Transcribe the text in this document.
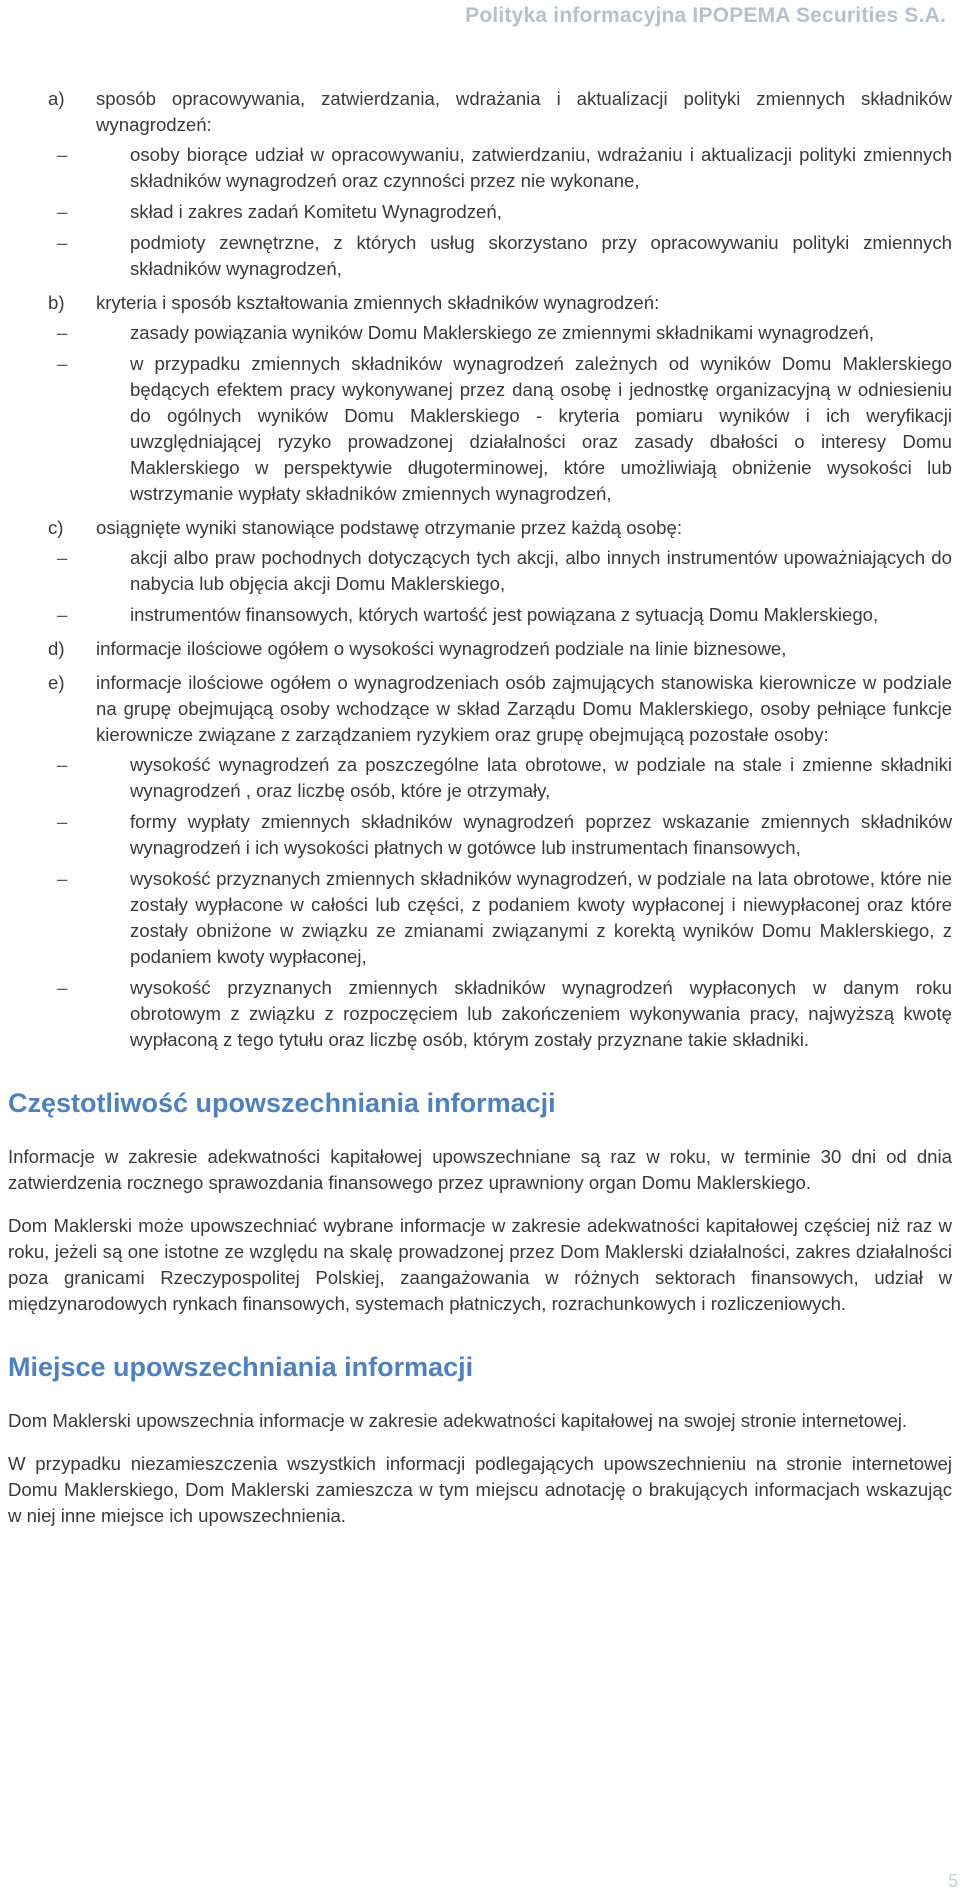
Polityka informacyjna IPOPEMA Securities S.A.
a) sposób opracowywania, zatwierdzania, wdrażania i aktualizacji polityki zmiennych składników wynagrodzeń:
–	osoby biorące udział w opracowywaniu, zatwierdzaniu, wdrażaniu i aktualizacji polityki zmiennych składników wynagrodzeń oraz czynności przez nie wykonane,
–	skład i zakres zadań Komitetu Wynagrodzeń,
–	podmioty zewnętrzne, z których usług skorzystano przy opracowywaniu polityki zmiennych składników wynagrodzeń,
b) kryteria i sposób kształtowania zmiennych składników wynagrodzeń:
–	zasady powiązania wyników Domu Maklerskiego ze zmiennymi składnikami wynagrodzeń,
–	w przypadku zmiennych składników wynagrodzeń zależnych od wyników Domu Maklerskiego będących efektem pracy wykonywanej przez daną osobę i jednostkę organizacyjną w odniesieniu do ogólnych wyników Domu Maklerskiego - kryteria pomiaru wyników i ich weryfikacji uwzględniającej ryzyko prowadzonej działalności oraz zasady dbałości o interesy Domu Maklerskiego w perspektywie długoterminowej, które umożliwiają obniżenie wysokości lub wstrzymanie wypłaty składników zmiennych wynagrodzeń,
c) osiągnięte wyniki stanowiące podstawę otrzymanie przez każdą osobę:
–	akcji albo praw pochodnych dotyczących tych akcji, albo innych instrumentów upoważniających do nabycia lub objęcia akcji Domu Maklerskiego,
–	instrumentów finansowych, których wartość jest powiązana z sytuacją Domu Maklerskiego,
d) informacje ilościowe ogółem o wysokości wynagrodzeń podziale na linie biznesowe,
e) informacje ilościowe ogółem o wynagrodzeniach osób zajmujących stanowiska kierownicze w podziale na grupę obejmującą osoby wchodzące w skład Zarządu Domu Maklerskiego, osoby pełniące funkcje kierownicze związane z zarządzaniem ryzykiem oraz grupę obejmującą pozostałe osoby:
–	wysokość wynagrodzeń za poszczególne lata obrotowe, w podziale na stale i zmienne składniki wynagrodzeń , oraz liczbę osób, które je otrzymały,
–	formy wypłaty zmiennych składników wynagrodzeń poprzez wskazanie zmiennych składników wynagrodzeń i ich wysokości płatnych w gotówce lub instrumentach finansowych,
–	wysokość przyznanych zmiennych składników wynagrodzeń, w podziale na lata obrotowe, które nie zostały wypłacone w całości lub części, z podaniem kwoty wypłaconej i niewypłaconej oraz które zostały obniżone w związku ze zmianami związanymi z korektą wyników Domu Maklerskiego, z podaniem kwoty wypłaconej,
–	wysokość przyznanych zmiennych składników wynagrodzeń wypłaconych w danym roku obrotowym z związku z rozpoczęciem lub zakończeniem wykonywania pracy, najwyższą kwotę wypłaconą z tego tytułu oraz liczbę osób, którym zostały przyznane takie składniki.
Częstotliwość upowszechniania informacji
Informacje w zakresie adekwatności kapitałowej upowszechniane są raz w roku, w terminie 30 dni od dnia zatwierdzenia rocznego sprawozdania finansowego przez uprawniony organ Domu Maklerskiego.
Dom Maklerski może upowszechniać wybrane informacje w zakresie adekwatności kapitałowej częściej niż raz w roku, jeżeli są one istotne ze względu na skalę prowadzonej przez Dom Maklerski działalności, zakres działalności poza granicami Rzeczypospolitej Polskiej, zaangażowania w różnych sektorach finansowych, udział w międzynarodowych rynkach finansowych, systemach płatniczych, rozrachunkowych i rozliczeniowych.
Miejsce upowszechniania informacji
Dom Maklerski upowszechnia informacje w zakresie adekwatności kapitałowej na swojej stronie internetowej.
W przypadku niezamieszczenia wszystkich informacji podlegających upowszechnieniu na stronie internetowej Domu Maklerskiego, Dom Maklerski zamieszcza w tym miejscu adnotację o brakujących informacjach wskazując w niej inne miejsce ich upowszechnienia.
5
